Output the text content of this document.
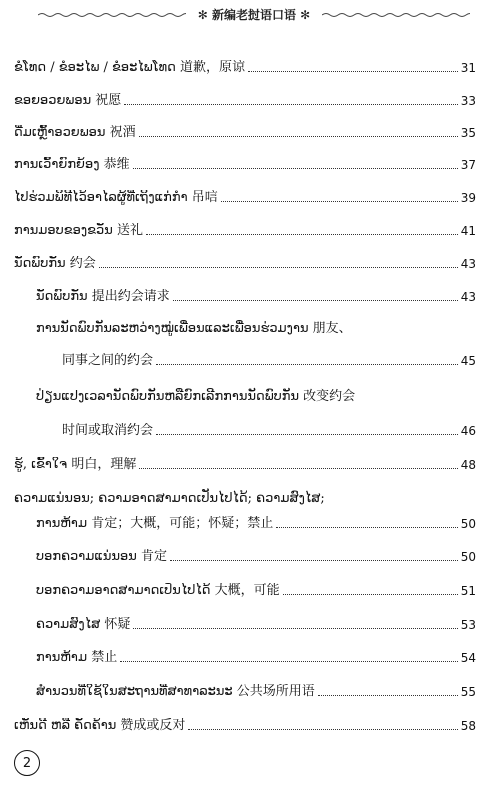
✻ 新编老挝语口语 ✻
ຂໍໂທດ / ຂໍອະໄພ / ຂໍອະໄພໂທດ 道歉，原谅	31
ຂອຍອວຍພອນ 祝愿	33
ດື່ມເຫຼົ້າອວຍພອນ 祝酒	35
ການເວົ້າຍົກຍ້ອງ 恭维	37
ໄປຮ່ວມພິທີໄວ້ອາໄລຜູ້ທີ່ເຖິງແກ່ກຳ 吊唁	39
ການມອບຂອງຂວັນ 送礼	41
ນັດພົບກັນ 约会	43
ນັດພົບກັນ 提出约会请求	43
ການນັດພົບກັນລະຫວ່າງໝູ່ເພື່ອນແລະເພື່ອນຮ່ວມງານ 朋友、
同事之间的约会	45
ປ່ຽນແປງເວລານັດພົບກັນຫລືຍົກເລີກການນັດພົບກັນ 改变约会
时间或取消约会	46
ຮູ້, ເຂົ້າໃຈ 明白，理解	48
ຄວາມແນ່ນອນ; ຄວາມອາດສາມາດເປັນໄປໄດ້; ຄວາມສົງໄສ;
ການຫ້າມ 肯定；大概，可能；怀疑；禁止	50
ບອກຄວາມແນ່ນອນ 肯定	50
ບອກຄວາມອາດສາມາດເປັນໄປໄດ້ 大概，可能	51
ຄວາມສົງໄສ 怀疑	53
ການຫ້າມ 禁止	54
ສຳນວນທີ່ໃຊ້ໃນສະຖານທີ່ສາທາລະນະ 公共场所用语	55
ເຫັນດີ ຫລື ຄັດຄ້ານ 赞成或反对	58
2
